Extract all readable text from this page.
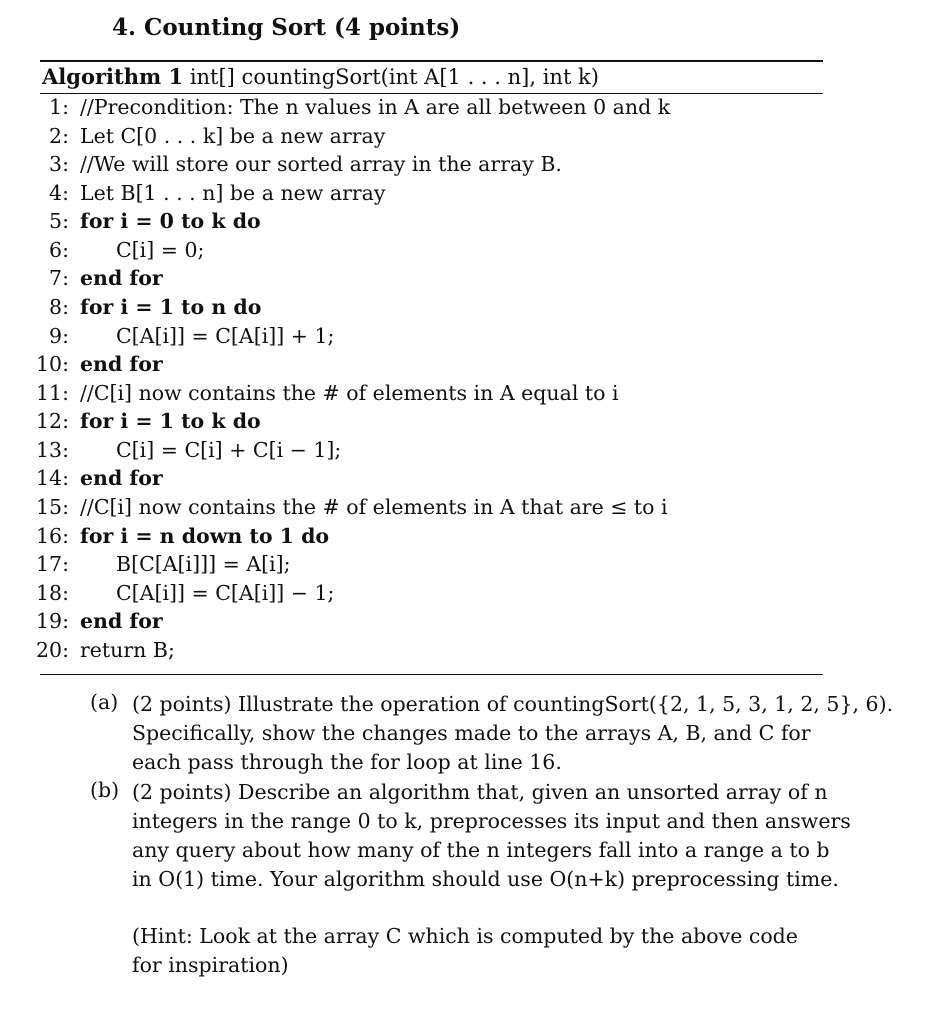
4. Counting Sort (4 points)
Algorithm 1 int[] countingSort(int A[1 . . . n], int k)
1: //Precondition: The n values in A are all between 0 and k
2: Let C[0 . . . k] be a new array
3: //We will store our sorted array in the array B.
4: Let B[1 . . . n] be a new array
5: for i = 0 to k do
6: C[i] = 0;
7: end for
8: for i = 1 to n do
9: C[A[i]] = C[A[i]] + 1;
10: end for
11: //C[i] now contains the # of elements in A equal to i
12: for i = 1 to k do
13: C[i] = C[i] + C[i − 1];
14: end for
15: //C[i] now contains the # of elements in A that are ≤ to i
16: for i = n down to 1 do
17: B[C[A[i]]] = A[i];
18: C[A[i]] = C[A[i]] − 1;
19: end for
20: return B;
(a) (2 points) Illustrate the operation of countingSort({2, 1, 5, 3, 1, 2, 5}, 6).
Specifically, show the changes made to the arrays A, B, and C for
each pass through the for loop at line 16.
(b) (2 points) Describe an algorithm that, given an unsorted array of n
integers in the range 0 to k, preprocesses its input and then answers
any query about how many of the n integers fall into a range a to b
in O(1) time. Your algorithm should use O(n+k) preprocessing time.
(Hint: Look at the array C which is computed by the above code
for inspiration)
